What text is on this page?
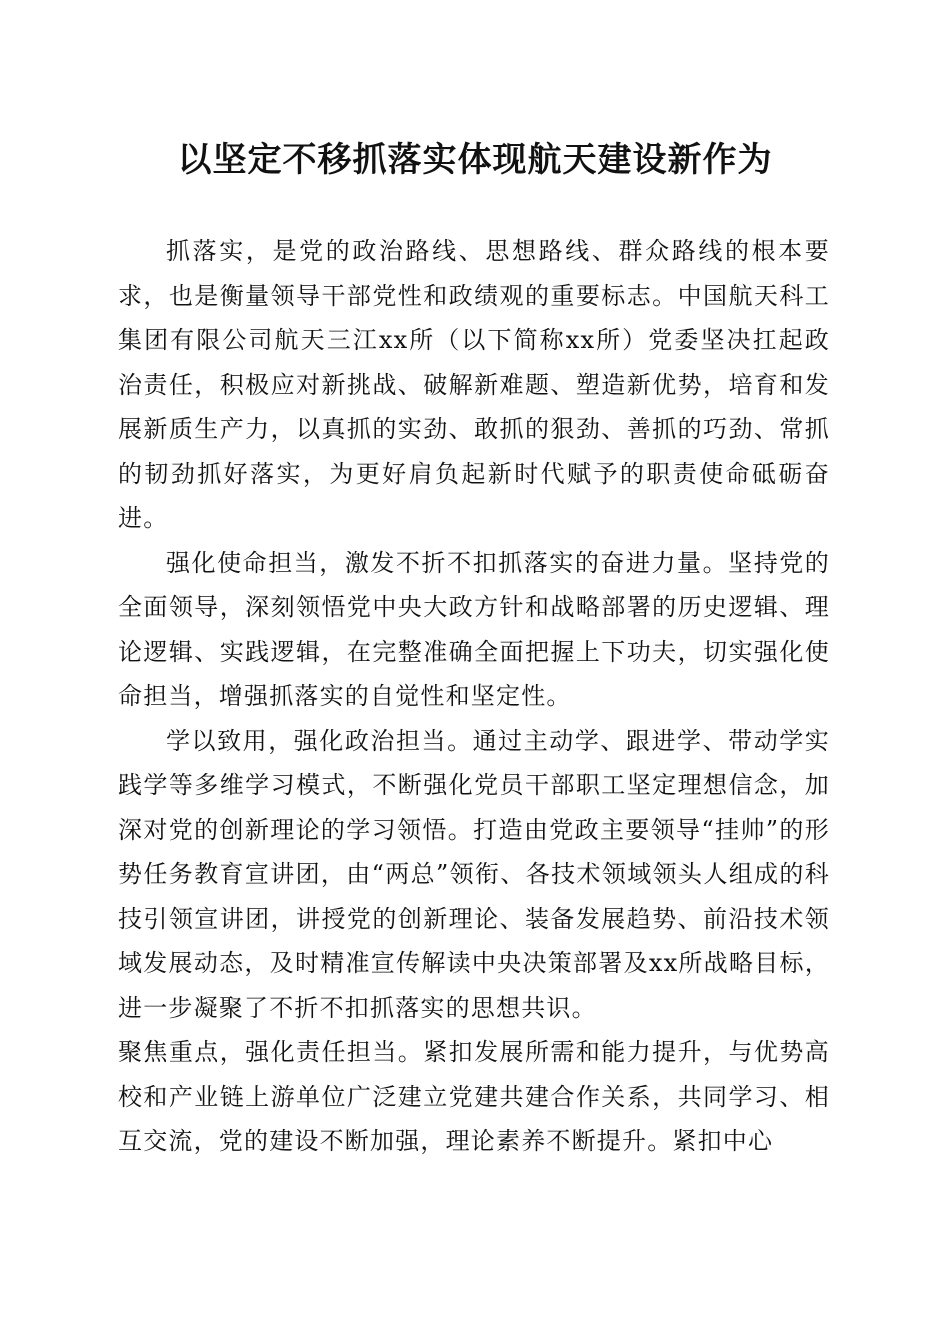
以坚定不移抓落实体现航天建设新作为

抓落实，是党的政治路线、思想路线、群众路线的根本要求，也是衡量领导干部党性和政绩观的重要标志。中国航天科工集团有限公司航天三江xx所（以下简称xx所）党委坚决扛起政治责任，积极应对新挑战、破解新难题、塑造新优势，培育和发展新质生产力，以真抓的实劲、敢抓的狠劲、善抓的巧劲、常抓的韧劲抓好落实，为更好肩负起新时代赋予的职责使命砥砺奋进。

强化使命担当，激发不折不扣抓落实的奋进力量。坚持党的全面领导，深刻领悟党中央大政方针和战略部署的历史逻辑、理论逻辑、实践逻辑，在完整准确全面把握上下功夫，切实强化使命担当，增强抓落实的自觉性和坚定性。

学以致用，强化政治担当。通过主动学、跟进学、带动学实践学等多维学习模式，不断强化党员干部职工坚定理想信念，加深对党的创新理论的学习领悟。打造由党政主要领导“挂帅”的形势任务教育宣讲团，由“两总”领衔、各技术领域领头人组成的科技引领宣讲团，讲授党的创新理论、装备发展趋势、前沿技术领域发展动态，及时精准宣传解读中央决策部署及xx所战略目标，进一步凝聚了不折不扣抓落实的思想共识。

聚焦重点，强化责任担当。紧扣发展所需和能力提升，与优势高校和产业链上游单位广泛建立党建共建合作关系，共同学习、相互交流，党的建设不断加强，理论素养不断提升。紧扣中心
